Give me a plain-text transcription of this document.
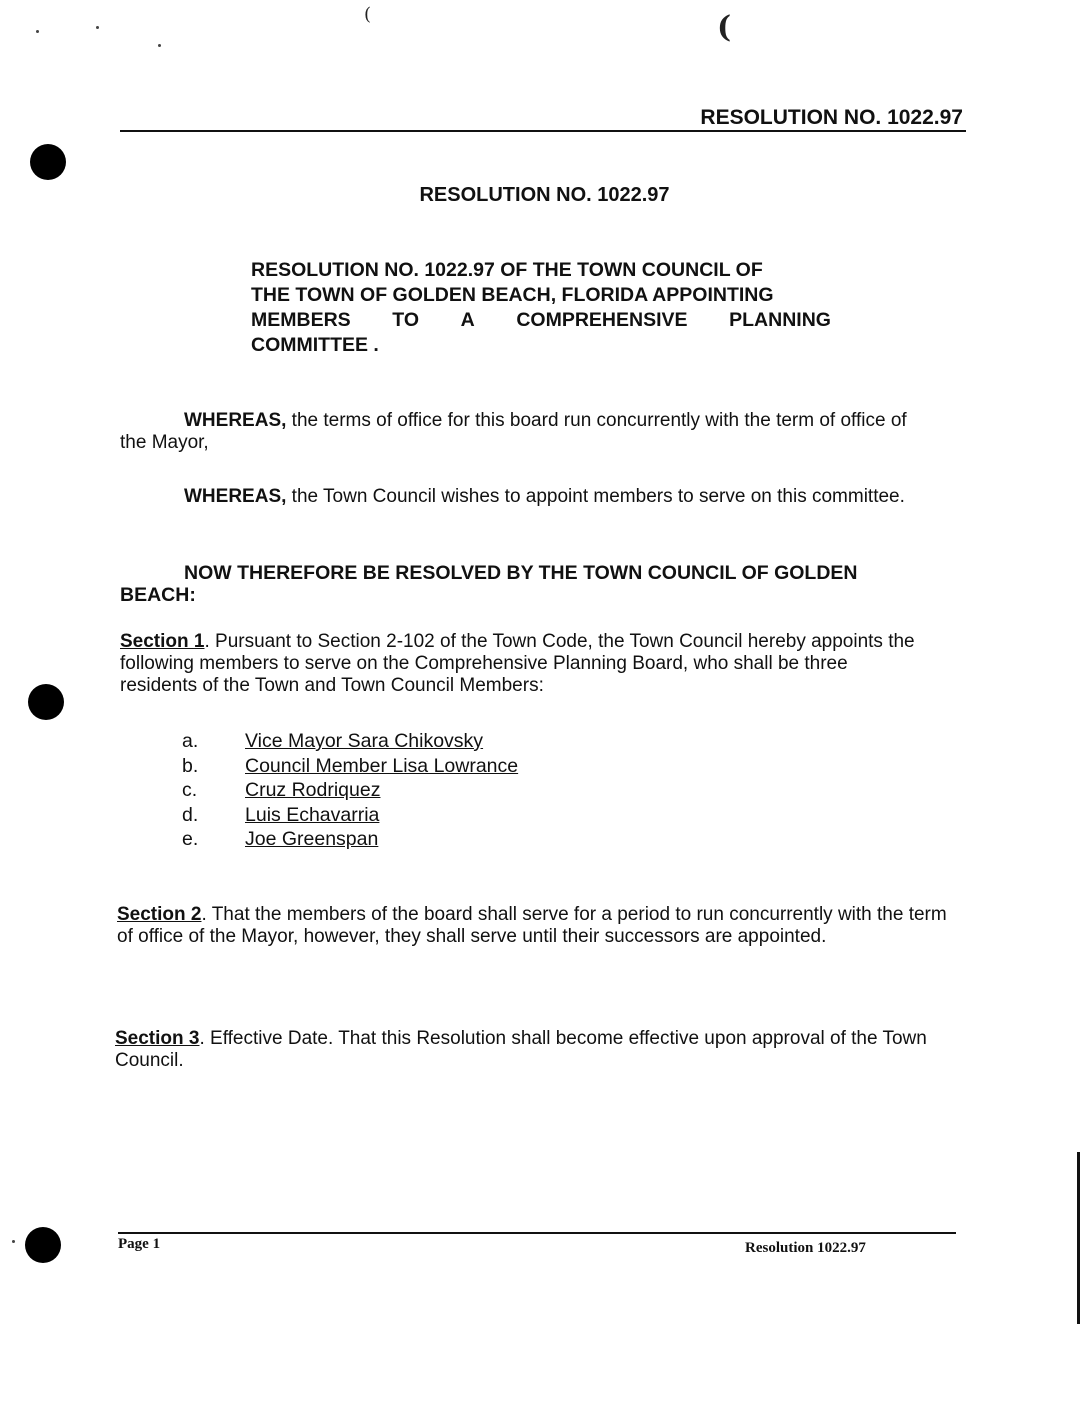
(	(
RESOLUTION NO. 1022.97
RESOLUTION NO. 1022.97
RESOLUTION NO. 1022.97 OF THE TOWN COUNCIL OF
THE TOWN OF GOLDEN BEACH, FLORIDA APPOINTING
MEMBERS TO A COMPREHENSIVE PLANNING
COMMITTEE .
WHEREAS, the terms of office for this board run concurrently with the term of office of the Mayor,
WHEREAS, the Town Council wishes to appoint members to serve on this committee.
NOW THEREFORE BE RESOLVED BY THE TOWN COUNCIL OF GOLDEN BEACH:
Section 1. Pursuant to Section 2-102 of the Town Code, the Town Council hereby appoints the following members to serve on the Comprehensive Planning Board, who shall be three residents of the Town and Town Council Members:
a.	Vice Mayor Sara Chikovsky
b.	Council Member Lisa Lowrance
c.	Cruz Rodriquez
d.	Luis Echavarria
e.	Joe Greenspan
Section 2. That the members of the board shall serve for a period to run concurrently with the term of office of the Mayor, however, they shall serve until their successors are appointed.
Section 3. Effective Date. That this Resolution shall become effective upon approval of the Town Council.
Page 1	Resolution 1022.97
